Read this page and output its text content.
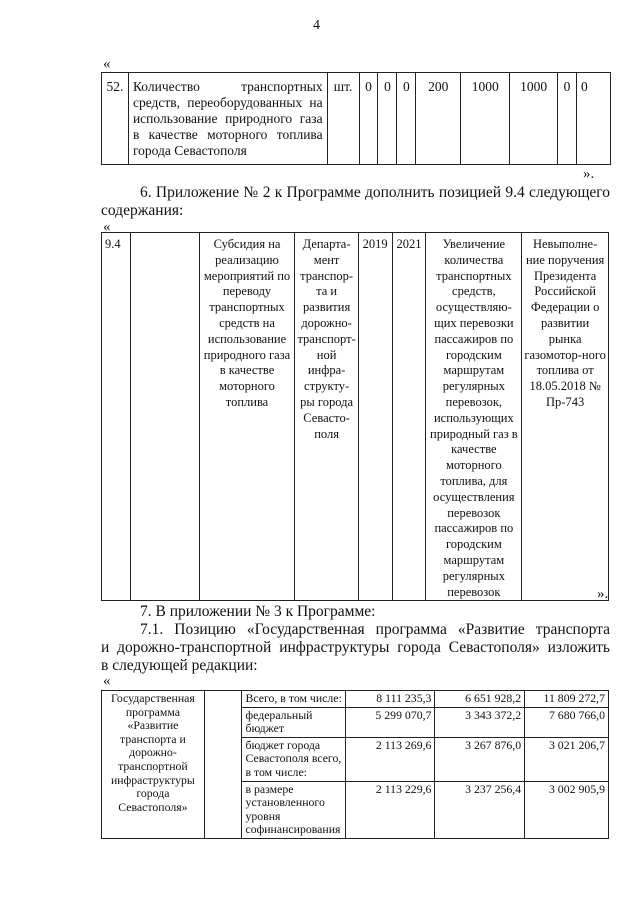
4
«
52.	Количество транспортных средств, переоборудованных на использование природного газа в качестве моторного топлива города Севастополя	шт.	0	0	0	200	1000	1000	0	0
».
6. Приложение № 2 к Программе дополнить позицией 9.4 следующего
содержания:
«
9.4		Субсидия на реализацию мероприятий по переводу транспортных средств на использование природного газа в качестве моторного топлива	Департа-мент транспор-та и развития дорожно-транспорт-ной инфра-структу-ры города Севасто-поля	2019	2021	Увеличение количества транспортных средств, осуществляю-щих перевозки пассажиров по городским маршрутам регулярных перевозок, использующих природный газ в качестве моторного топлива, для осуществления перевозок пассажиров по городским маршрутам регулярных перевозок	Невыполне-ние поручения Президента Российской Федерации о развитии рынка газомотор-ного топлива от 18.05.2018 № Пр-743
».
7. В приложении № 3 к Программе:
7.1. Позицию «Государственная программа «Развитие транспорта
и дорожно-транспортной инфраструктуры города Севастополя» изложить
в следующей редакции:
«
Государственная программа «Развитие транспорта и дорожно-транспортной инфраструктуры города Севастополя»		Всего, в том числе:	8 111 235,3	6 651 928,2	11 809 272,7
		федеральный бюджет	5 299 070,7	3 343 372,2	7 680 766,0
		бюджет города Севастополя всего, в том числе:	2 113 269,6	3 267 876,0	3 021 206,7
		в размере установленного уровня софинансирования	2 113 229,6	3 237 256,4	3 002 905,9
